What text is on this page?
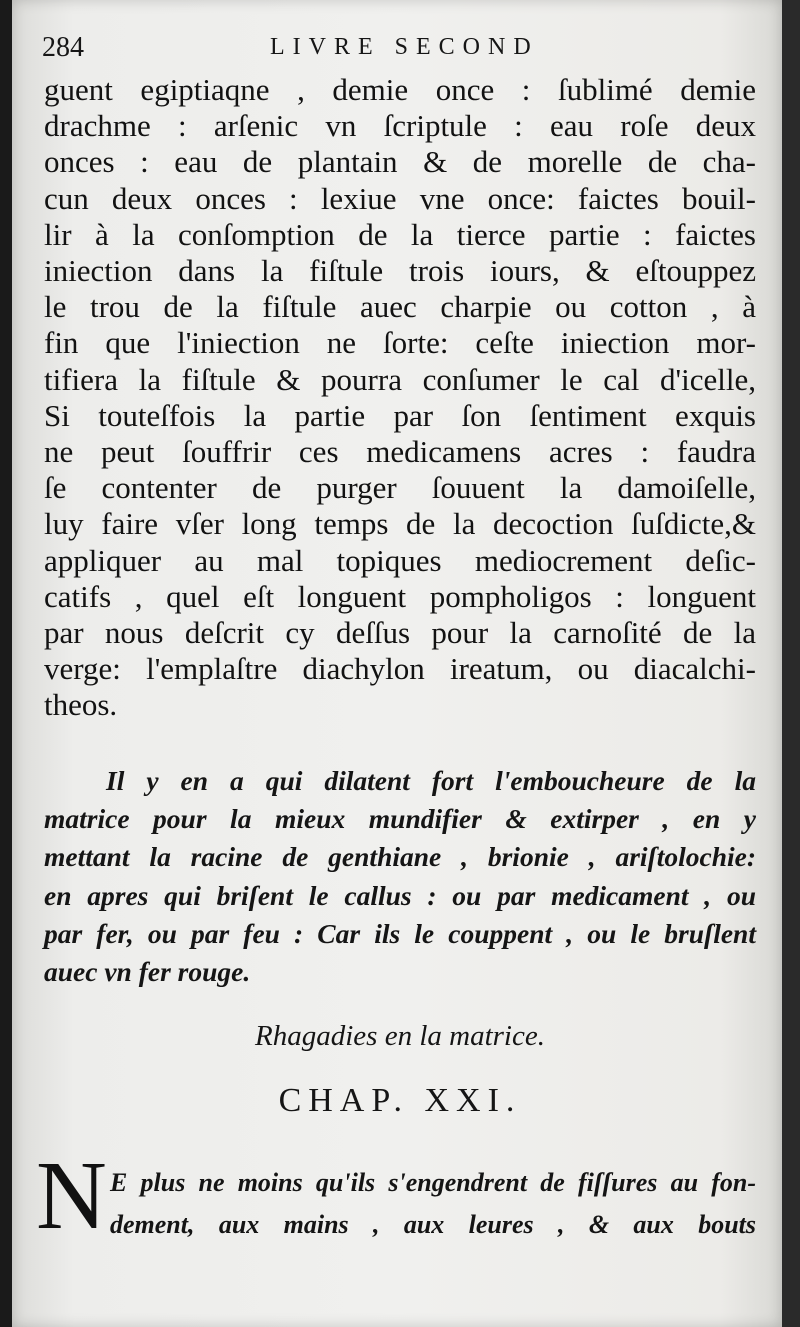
284	LIVRE SECOND
guent egiptiaqne , demie once : ſublimé demie
drachme : arſenic vn ſcriptule : eau roſe deux
onces : eau de plantain & de morelle de cha-
cun deux onces : lexiue vne once: faictes bouil-
lir à la conſomption de la tierce partie : faictes
iniection dans la fiſtule trois iours, & eſtouppez
le trou de la fiſtule auec charpie ou cotton , à
fin que l'iniection ne ſorte: ceſte iniection mor-
tifiera la fiſtule & pourra conſumer le cal d'icelle,
Si touteſfois la partie par ſon ſentiment exquis
ne peut ſouffrir ces medicamens acres : faudra
ſe contenter de purger ſouuent la damoiſelle,
luy faire vſer long temps de la decoction ſuſdicte,&
appliquer au mal topiques mediocrement deſic-
catifs , quel eſt longuent pompholigos : longuent
par nous deſcrit cy deſſus pour la carnoſité de la
verge: l'emplaſtre diachylon ireatum, ou diacalchi-
theos.
Il y en a qui dilatent fort l'emboucheure de la
matrice pour la mieux mundifier & extirper , en y
mettant la racine de genthiane , brionie , ariſtolochie:
en apres qui briſent le callus : ou par medicament , ou
par fer, ou par feu : Car ils le couppent , ou le bruſlent
auec vn fer rouge.
Rhagadies en la matrice.
CHAP. XXI.
N E plus ne moins qu'ils s'engendrent de fiſſures au fon-
dement, aux mains , aux leures , & aux bouts
